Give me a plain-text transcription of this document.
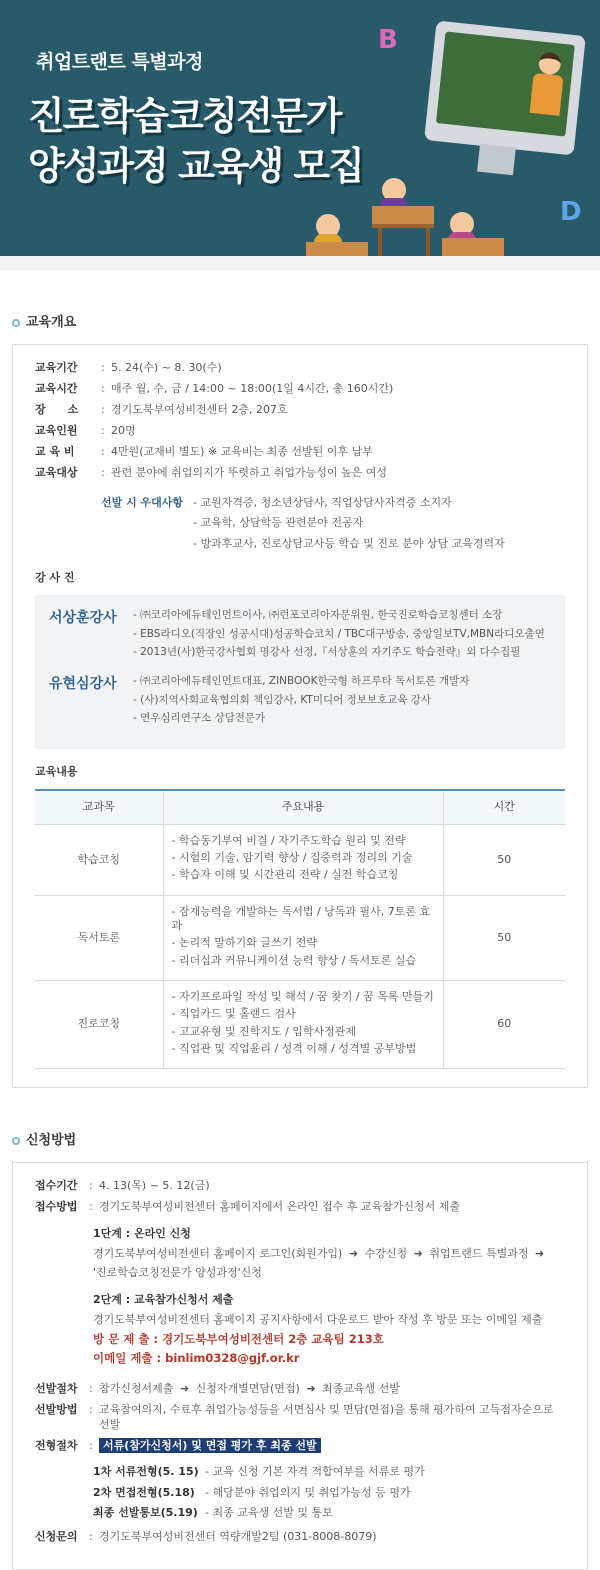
취업트랜트 특별과정
진로학습코칭전문가
양성과정 교육생 모집
B
D
교육개요
교육기간	: 5. 24(수) ~ 8. 30(수)
교육시간	: 매주 월, 수, 금 / 14:00 ~ 18:00(1일 4시간, 총 160시간)
장　　소	: 경기도북부여성비전센터 2층, 207호
교육인원	: 20명
교 육 비	: 4만원(교재비 별도) ※ 교육비는 최종 선발된 이후 납부
교육대상	: 관련 분야에 취업의지가 뚜렷하고 취업가능성이 높은 여성
선발 시 우대사항 - 교원자격증, 청소년상담사, 직업상담사자격증 소지자
- 교육학, 상담학등 관련분야 전공자
- 방과후교사, 진로상담교사등 학습 및 진로 분야 상담 교육경력자
강 사 진
서상훈강사	- ㈜코리아에듀테인먼트이사, ㈜런포코리아자문위원, 한국진로학습코칭센터 소장
- EBS라디오(직장인 성공시대)성공학습코치 / TBC대구방송, 중앙일보TV,MBN라디오출연
- 2013년(사)한국강사협회 명강사 선정,『서상훈의 자기주도 학습전략』외 다수집필
유현심강사	- ㈜코리아에듀테인먼트대표, ZINBOOK한국형 하프루타 독서토론 개발자
- (사)지역사회교육협의회 책임강사, KT미디어 정보보호교육 강사
- 연우심리연구소 상담전문가
교육내용
교과목	주요내용	시간
학습코칭	- 학습동기부여 비결 / 자기주도학습 원리 및 전략
- 시험의 기술, 암기력 향상 / 집중력과 정리의 기술
- 학습자 이해 및 시간관리 전략 / 실전 학습코칭	50
독서토론	- 잠재능력을 개발하는 독서법 / 낭독과 필사, 7토론 효과
- 논리적 말하기와 글쓰기 전략
- 리더십과 커뮤니케이션 능력 향상 / 독서토론 실습	50
진로코칭	- 자기프로파일 작성 및 해석 / 꿈 찾기 / 꿈 목록 만들기
- 직업카드 및 홀랜드 검사
- 고교유형 및 진학지도 / 입학사정관제
- 직업관 및 직업윤리 / 성격 이해 / 성격별 공부방법	60
신청방법
접수기간	: 4. 13(목) ~ 5. 12(금)
접수방법	: 경기도북부여성비전센터 홈페이지에서 온라인 접수 후 교육참가신청서 제출
1단계 : 온라인 신청
경기도북부여성비전센터 홈페이지 로그인(회원가입) ➜ 수강신청 ➜ 취업트랜드 특별과정 ➜
'진로학습코칭전문가 양성과정'신청
2단계 : 교육참가신청서 제출
경기도북부여성비전센터 홈페이지 공지사항에서 다운로드 받아 작성 후 방문 또는 이메일 제출
방 문 제 출 : 경기도북부여성비전센터 2층 교육팀 213호
이메일 제출 : binlim0328@gjf.or.kr
선발절차	: 참가신청서제출 ➜ 신청자개별면담(면접) ➜ 최종교육생 선발
선발방법	: 교육참여의지, 수료후 취업가능성등을 서면심사 및 면담(면접)을 통해 평가하여 고득점자순으로 선발
전형절차	: 서류(참가신청서) 및 면접 평가 후 최종 선발
1차 서류전형(5. 15) - 교육 신청 기본 자격 적합여부를 서류로 평가
2차 면접전형(5.18) - 해당분야 취업의지 및 취업가능성 등 평가
최종 선발통보(5.19) - 최종 교육생 선발 및 통보
신청문의	: 경기도북부여성비전센터 역량개발2팀 (031-8008-8079)
